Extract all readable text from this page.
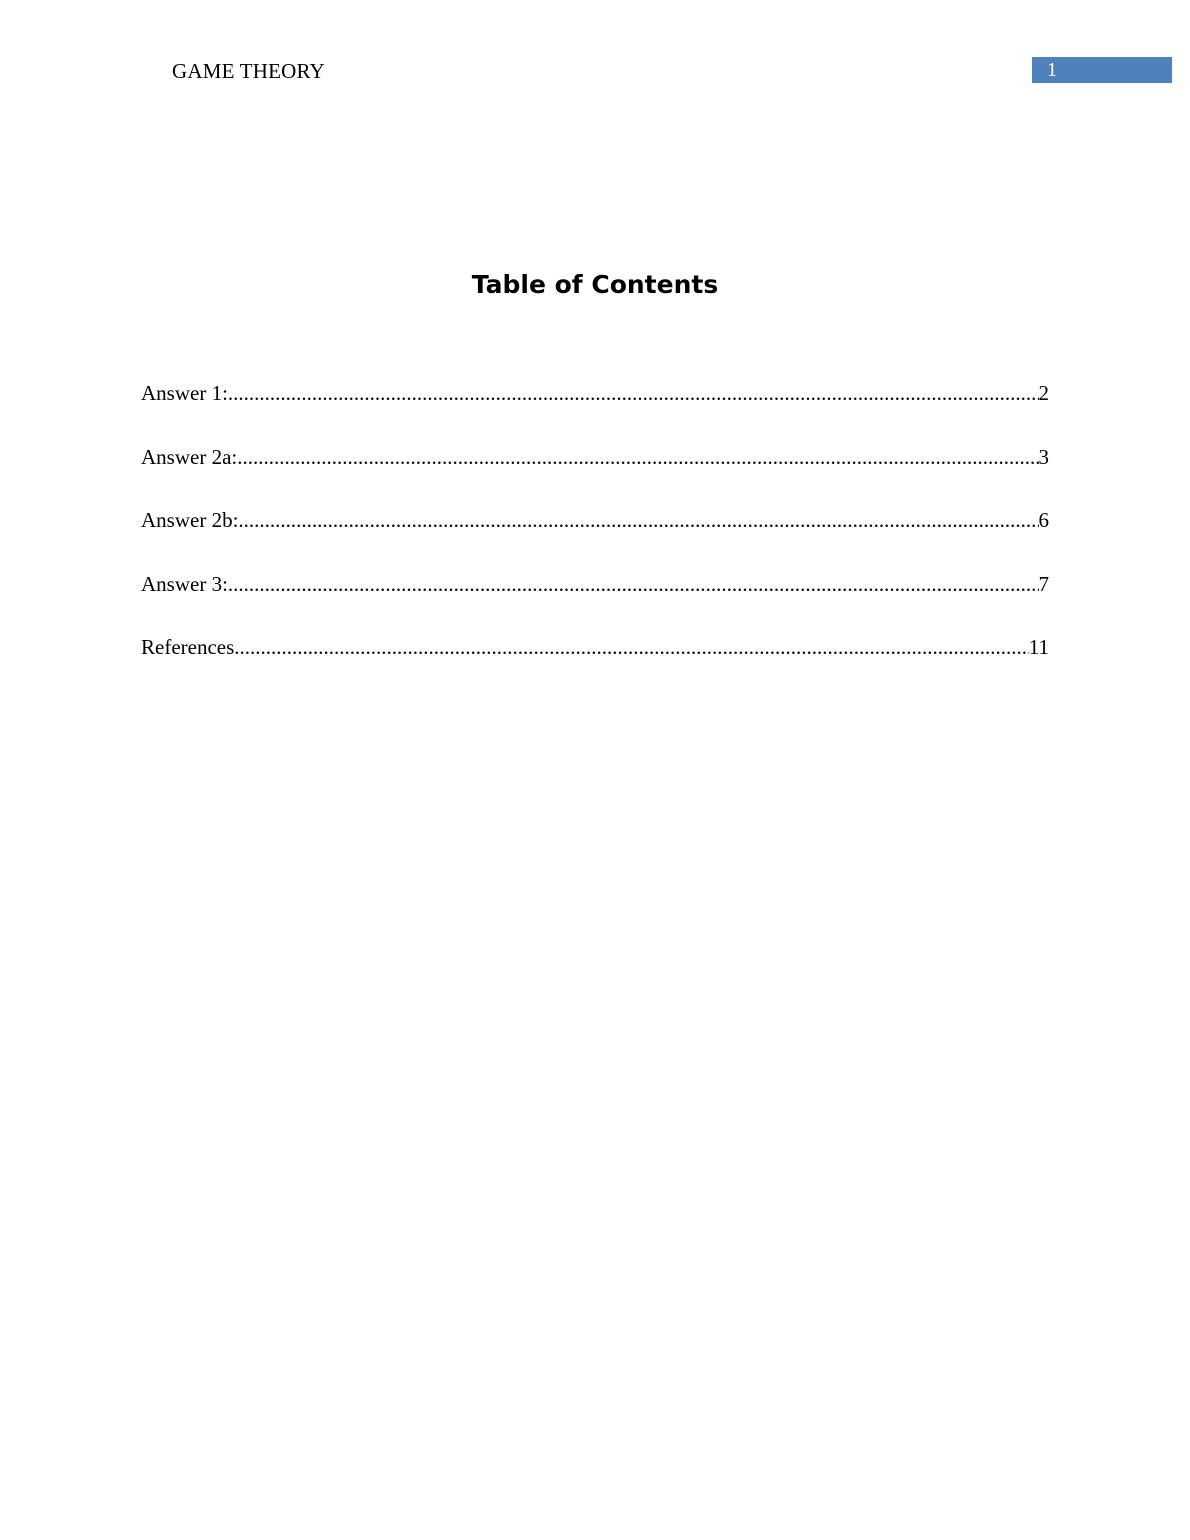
GAME THEORY	1
Table of Contents
Answer 1: .....	2
Answer 2a: .....	3
Answer 2b: .....	6
Answer 3: .....	7
References .....	11
